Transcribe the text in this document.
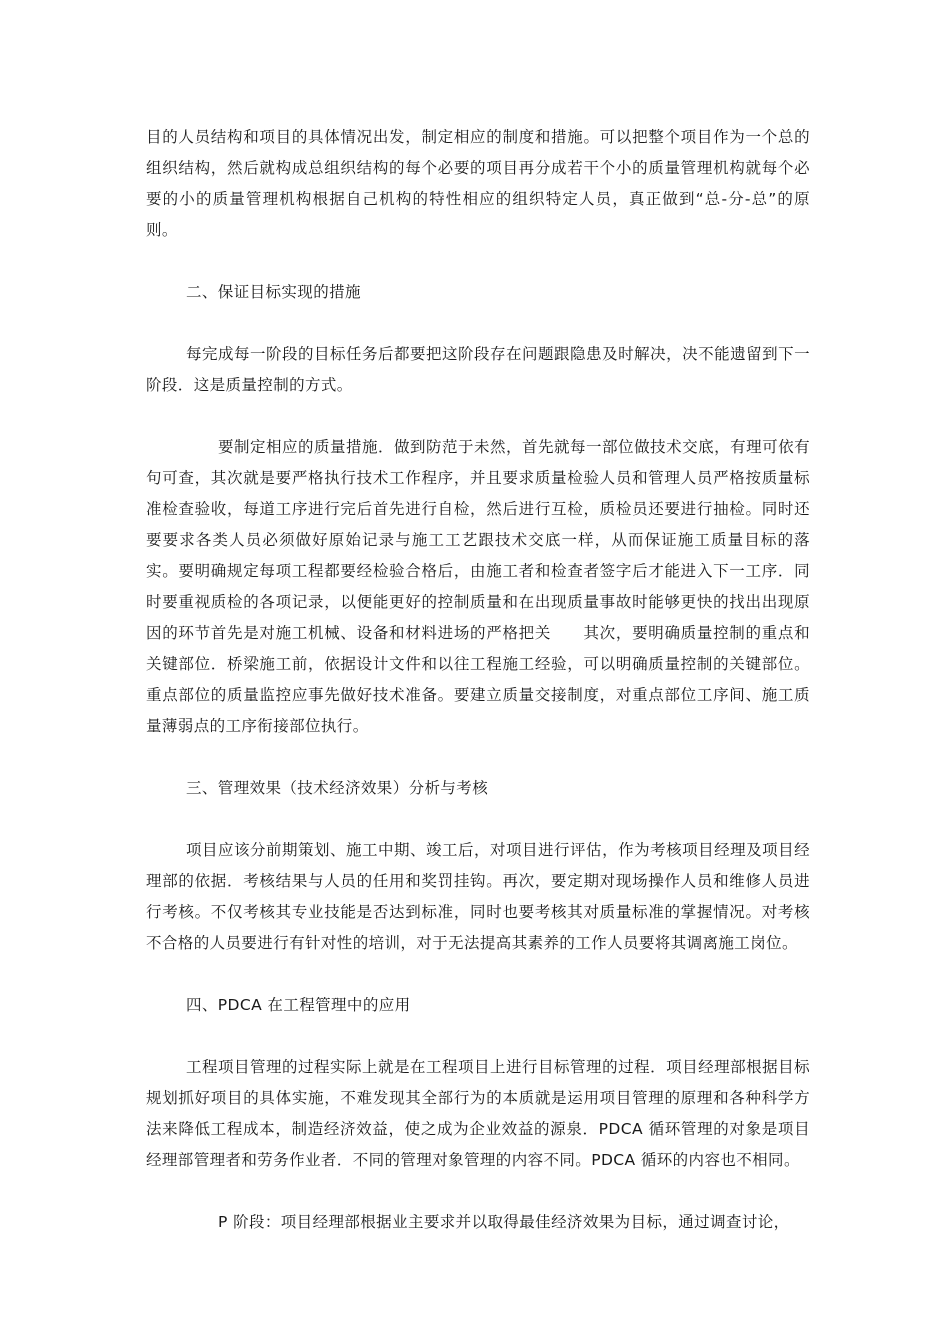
目的人员结构和项目的具体情况出发，制定相应的制度和措施。可以把整个项目作为一个总的组织结构，然后就构成总组织结构的每个必要的项目再分成若干个小的质量管理机构就每个必要的小的质量管理机构根据自己机构的特性相应的组织特定人员，真正做到“总-分-总”的原则。

二、保证目标实现的措施

每完成每一阶段的目标任务后都要把这阶段存在问题跟隐患及时解决，决不能遗留到下一阶段．这是质量控制的方式。

要制定相应的质量措施．做到防范于未然，首先就每一部位做技术交底，有理可依有句可查，其次就是要严格执行技术工作程序，并且要求质量检验人员和管理人员严格按质量标准检查验收，每道工序进行完后首先进行自检，然后进行互检，质检员还要进行抽检。同时还要要求各类人员必须做好原始记录与施工工艺跟技术交底一样，从而保证施工质量目标的落实。要明确规定每项工程都要经检验合格后，由施工者和检查者签字后才能进入下一工序．同时要重视质检的各项记录，以便能更好的控制质量和在出现质量事故时能够更快的找出出现原因的环节首先是对施工机械、设备和材料进场的严格把关　　其次，要明确质量控制的重点和关键部位．桥梁施工前，依据设计文件和以往工程施工经验，可以明确质量控制的关键部位。重点部位的质量监控应事先做好技术准备。要建立质量交接制度，对重点部位工序间、施工质量薄弱点的工序衔接部位执行。

三、管理效果（技术经济效果）分析与考核

项目应该分前期策划、施工中期、竣工后，对项目进行评估，作为考核项目经理及项目经理部的依据．考核结果与人员的任用和奖罚挂钩。再次，要定期对现场操作人员和维修人员进行考核。不仅考核其专业技能是否达到标准，同时也要考核其对质量标准的掌握情况。对考核不合格的人员要进行有针对性的培训，对于无法提高其素养的工作人员要将其调离施工岗位。

四、PDCA 在工程管理中的应用

工程项目管理的过程实际上就是在工程项目上进行目标管理的过程．项目经理部根据目标规划抓好项目的具体实施，不难发现其全部行为的本质就是运用项目管理的原理和各种科学方法来降低工程成本，制造经济效益，使之成为企业效益的源泉．PDCA 循环管理的对象是项目经理部管理者和劳务作业者．不同的管理对象管理的内容不同。PDCA 循环的内容也不相同。

P 阶段：项目经理部根据业主要求并以取得最佳经济效果为目标，通过调查讨论，
